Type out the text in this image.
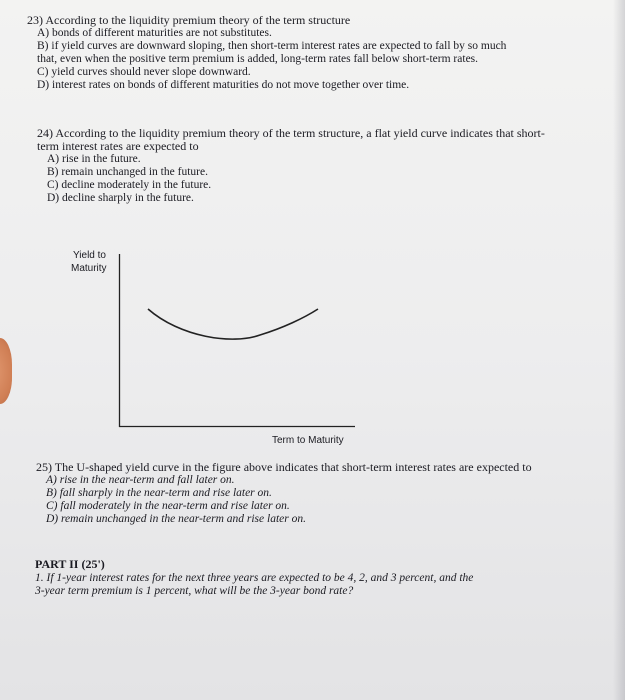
23) According to the liquidity premium theory of the term structure

A) bonds of different maturities are not substitutes.

B) if yield curves are downward sloping, then short-term interest rates are expected to fall by so much

that, even when the positive term premium is added, long-term rates fall below short-term rates.

C) yield curves should never slope downward.

D) interest rates on bonds of different maturities do not move together over time.

24) According to the liquidity premium theory of the term structure, a flat yield curve indicates that short-

term interest rates are expected to

A) rise in the future.

B) remain unchanged in the future.

C) decline moderately in the future.

D) decline sharply in the future.

Yield to
Maturity
Term to Maturity

25) The U-shaped yield curve in the figure above indicates that short-term interest rates are expected to

A) rise in the near-term and fall later on.

B) fall sharply in the near-term and rise later on.

C) fall moderately in the near-term and rise later on.

D) remain unchanged in the near-term and rise later on.

PART II (25')

1. If 1-year interest rates for the next three years are expected to be 4, 2, and 3 percent, and the

3-year term premium is 1 percent, what will be the 3-year bond rate?
